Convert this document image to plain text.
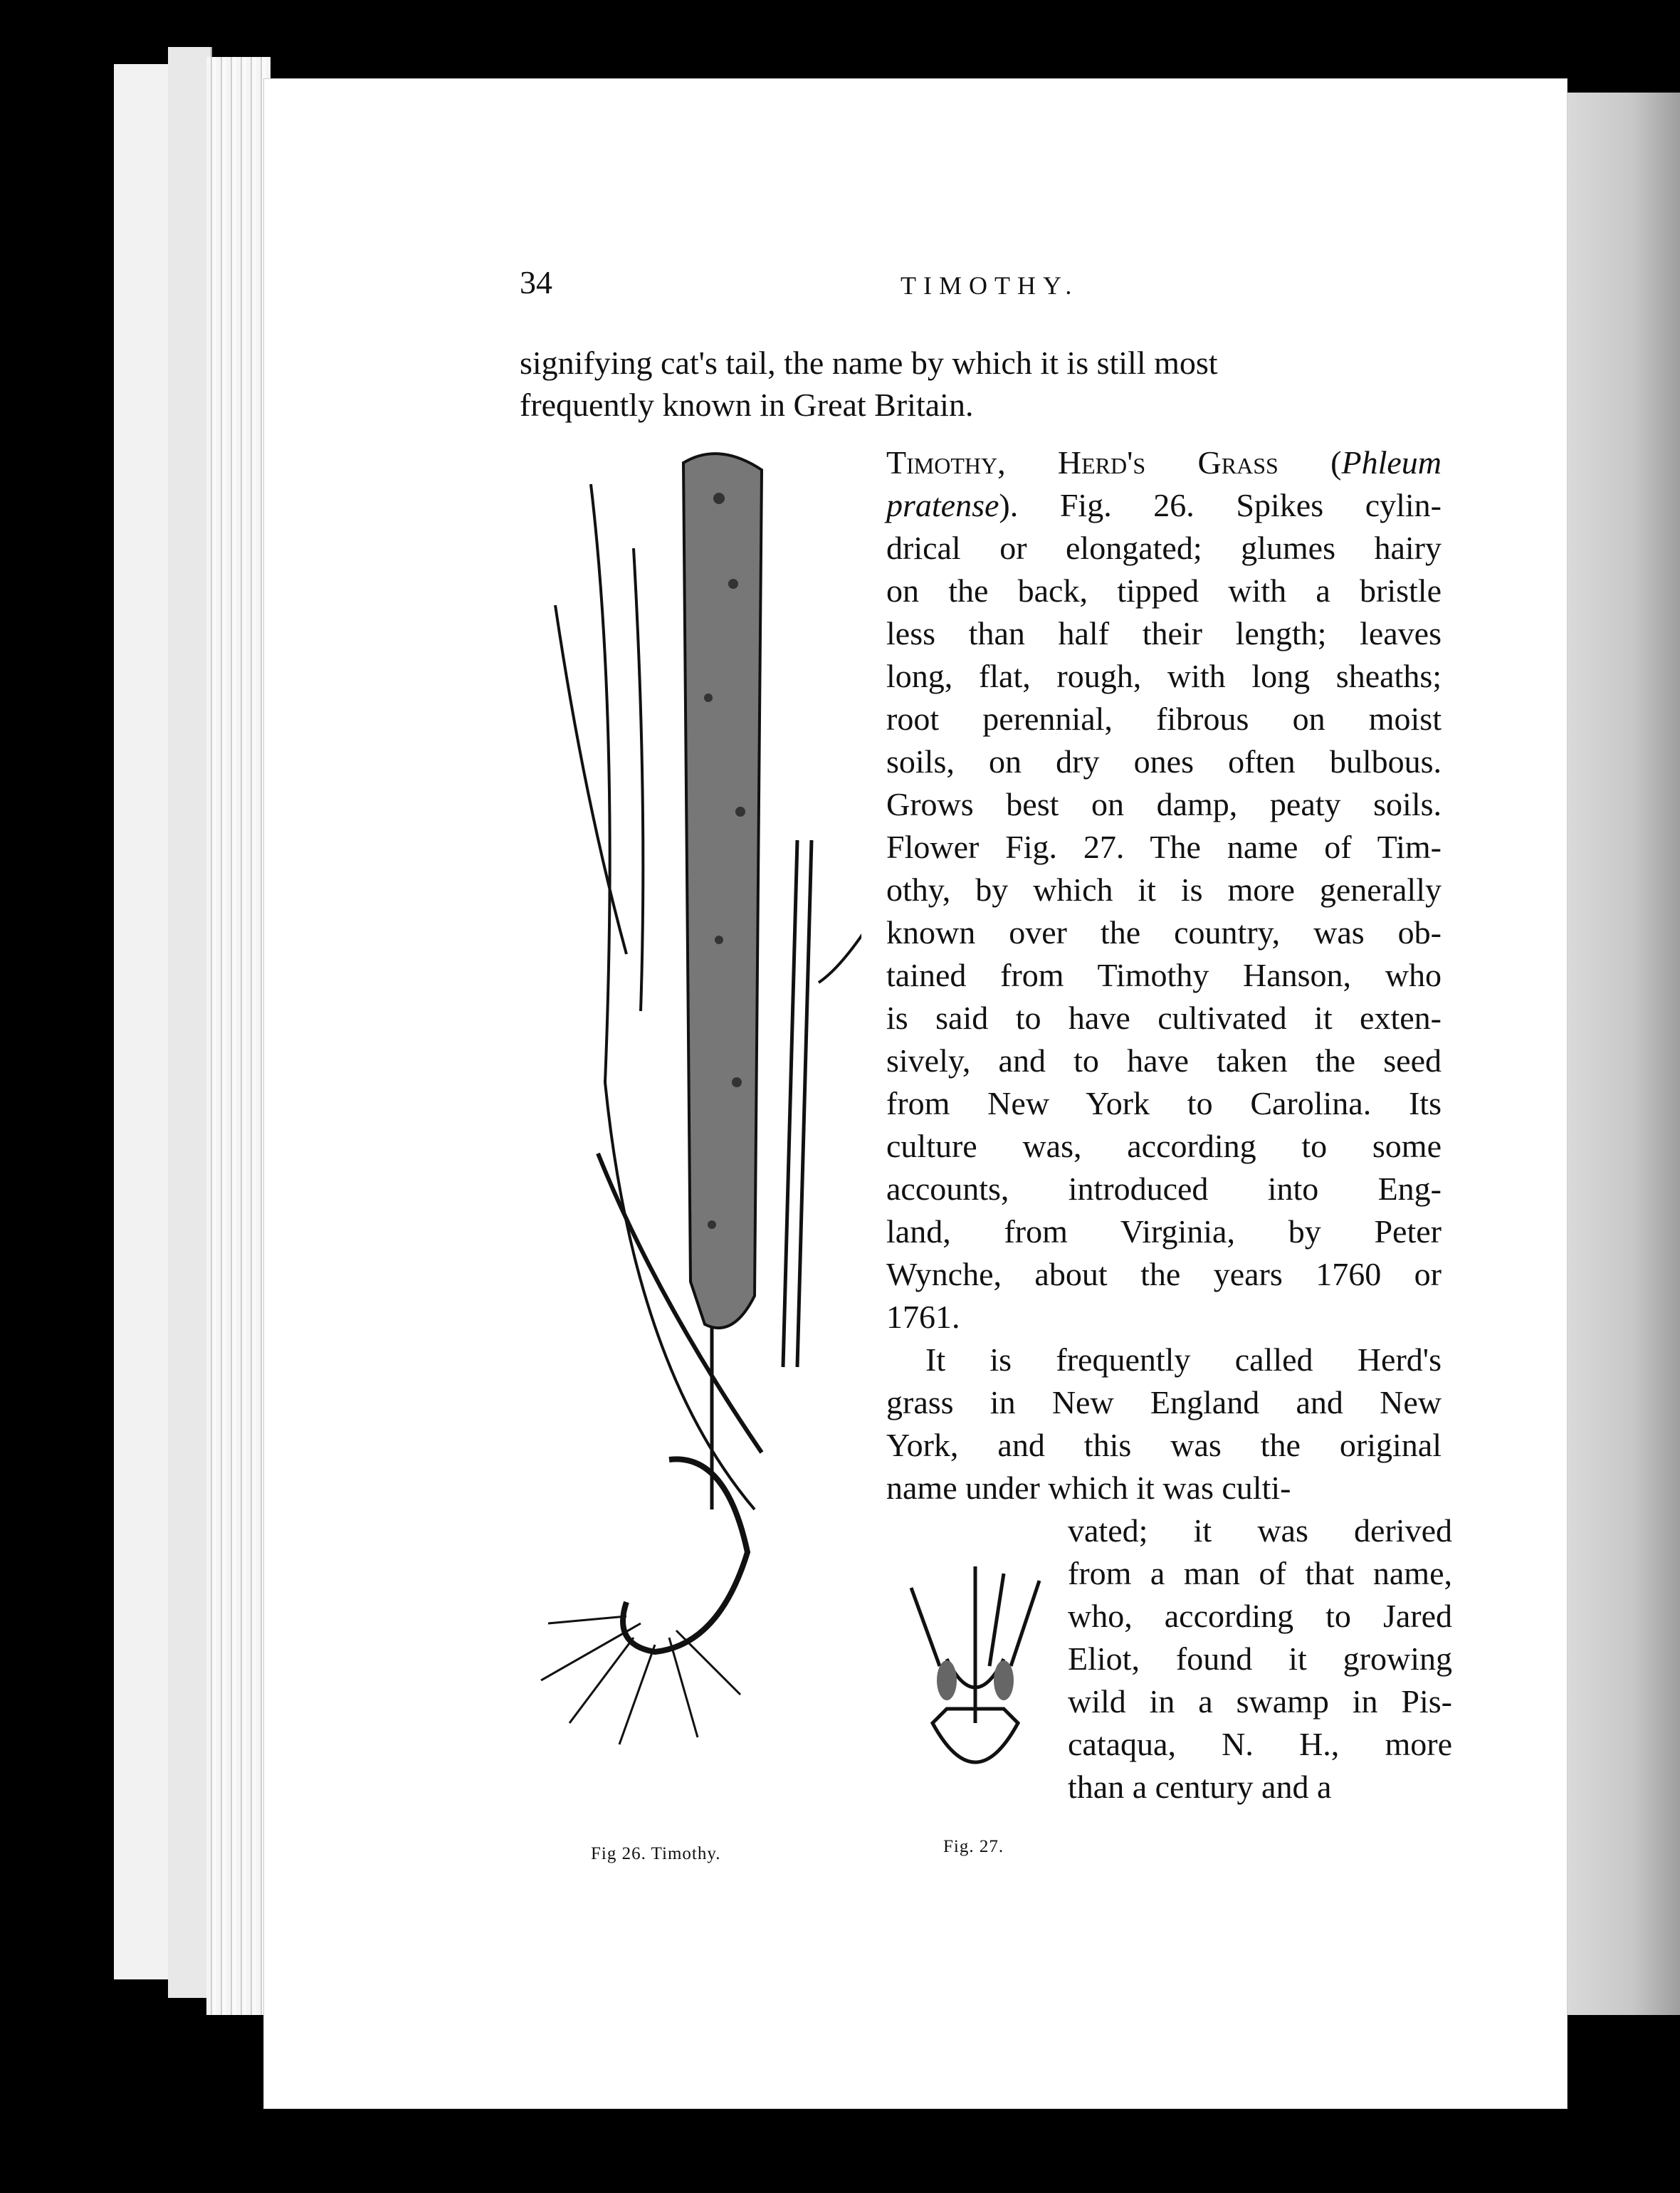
34	TIMOTHY.
signifying cat's tail, the name by which it is still most
frequently known in Great Britain.
Timothy, Herd's Grass (Phleum
pratense). Fig. 26. Spikes cylin-
drical or elongated; glumes hairy
on the back, tipped with a bristle
less than half their length; leaves
long, flat, rough, with long sheaths;
root perennial, fibrous on moist
soils, on dry ones often bulbous.
Grows best on damp, peaty soils.
Flower Fig. 27. The name of Tim-
othy, by which it is more generally
known over the country, was ob-
tained from Timothy Hanson, who
is said to have cultivated it exten-
sively, and to have taken the seed
from New York to Carolina. Its
culture was, according to some
accounts, introduced into Eng-
land, from Virginia, by Peter
Wynche, about the years 1760 or
1761.
It is frequently called Herd's
grass in New England and New
York, and this was the original
name under which it was culti-
vated; it was derived
from a man of that name,
who, according to Jared
Eliot, found it growing
wild in a swamp in Pis-
cataqua, N. H., more
than a century and a
Fig 26. Timothy.	Fig. 27.
